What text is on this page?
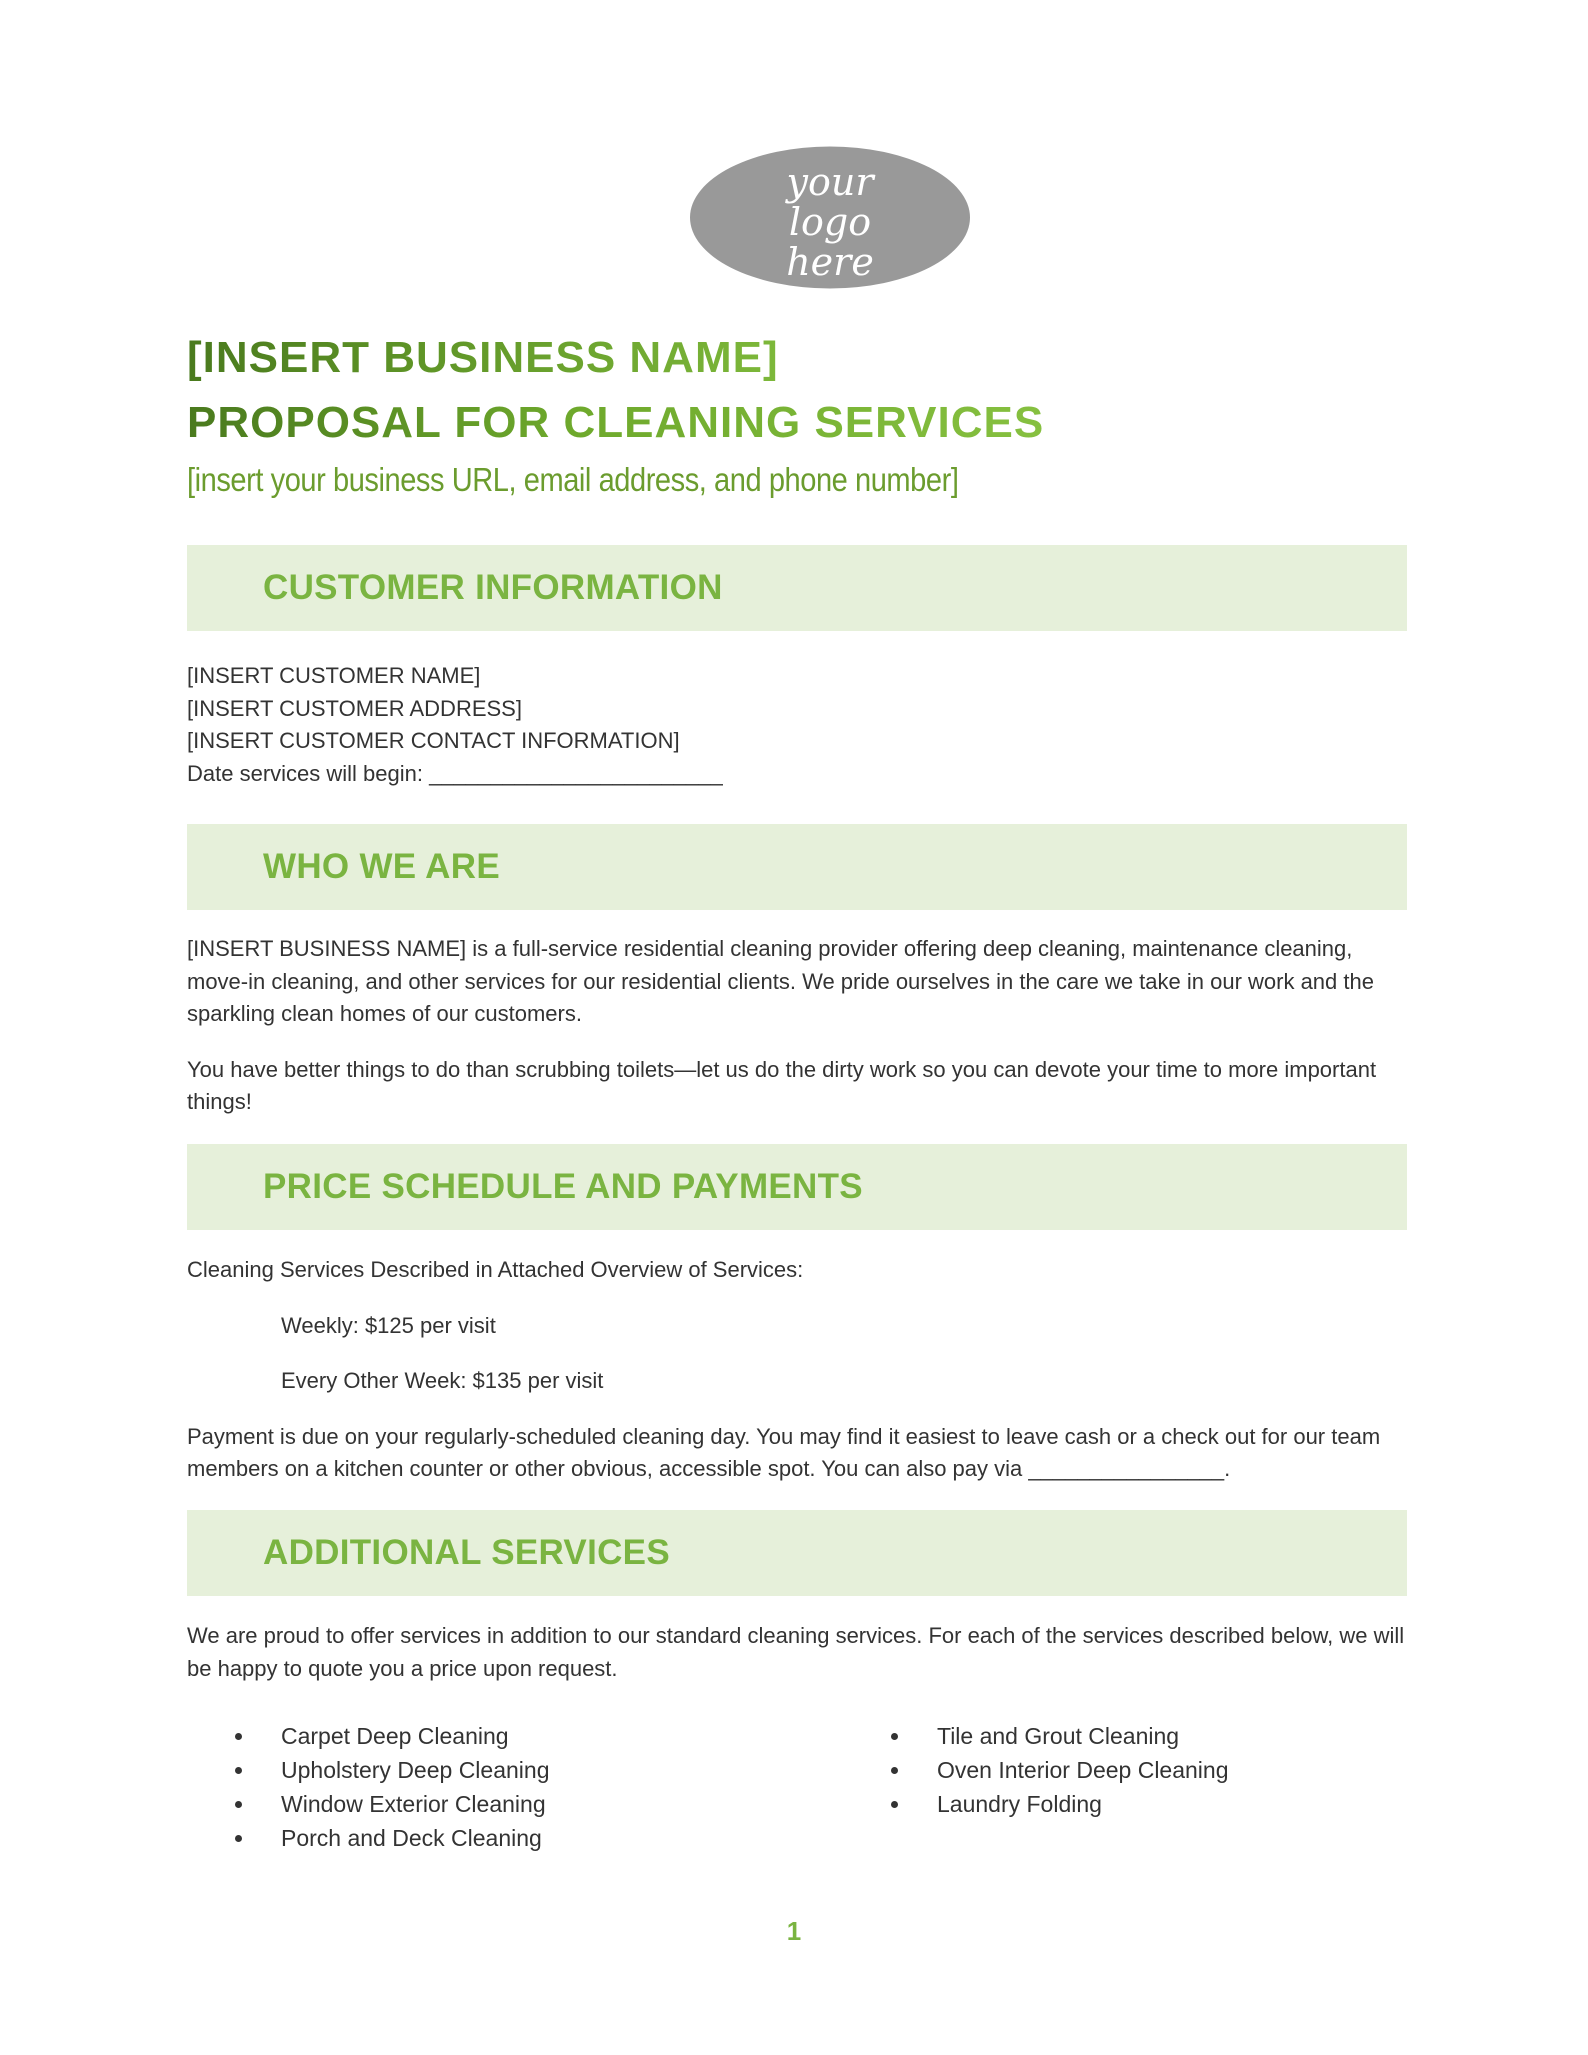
your
logo
here
[INSERT BUSINESS NAME]
PROPOSAL FOR CLEANING SERVICES
[insert your business URL, email address, and phone number]
CUSTOMER INFORMATION

[INSERT CUSTOMER NAME]

[INSERT CUSTOMER ADDRESS]

[INSERT CUSTOMER CONTACT INFORMATION]

Date services will begin: ________________________

WHO WE ARE

[INSERT BUSINESS NAME] is a full-service residential cleaning provider offering deep cleaning, maintenance cleaning, move-in cleaning, and other services for our residential clients. We pride ourselves in the care we take in our work and the sparkling clean homes of our customers.

You have better things to do than scrubbing toilets—let us do the dirty work so you can devote your time to more important things!

PRICE SCHEDULE AND PAYMENTS

Cleaning Services Described in Attached Overview of Services:

Weekly: $125 per visit

Every Other Week: $135 per visit

Payment is due on your regularly-scheduled cleaning day. You may find it easiest to leave cash or a check out for our team members on a kitchen counter or other obvious, accessible spot. You can also pay via ________________.

ADDITIONAL SERVICES

We are proud to offer services in addition to our standard cleaning services. For each of the services described below, we will be happy to quote you a price upon request.

Carpet Deep Cleaning
Upholstery Deep Cleaning
Window Exterior Cleaning
Porch and Deck Cleaning
Tile and Grout Cleaning
Oven Interior Deep Cleaning
Laundry Folding
1
